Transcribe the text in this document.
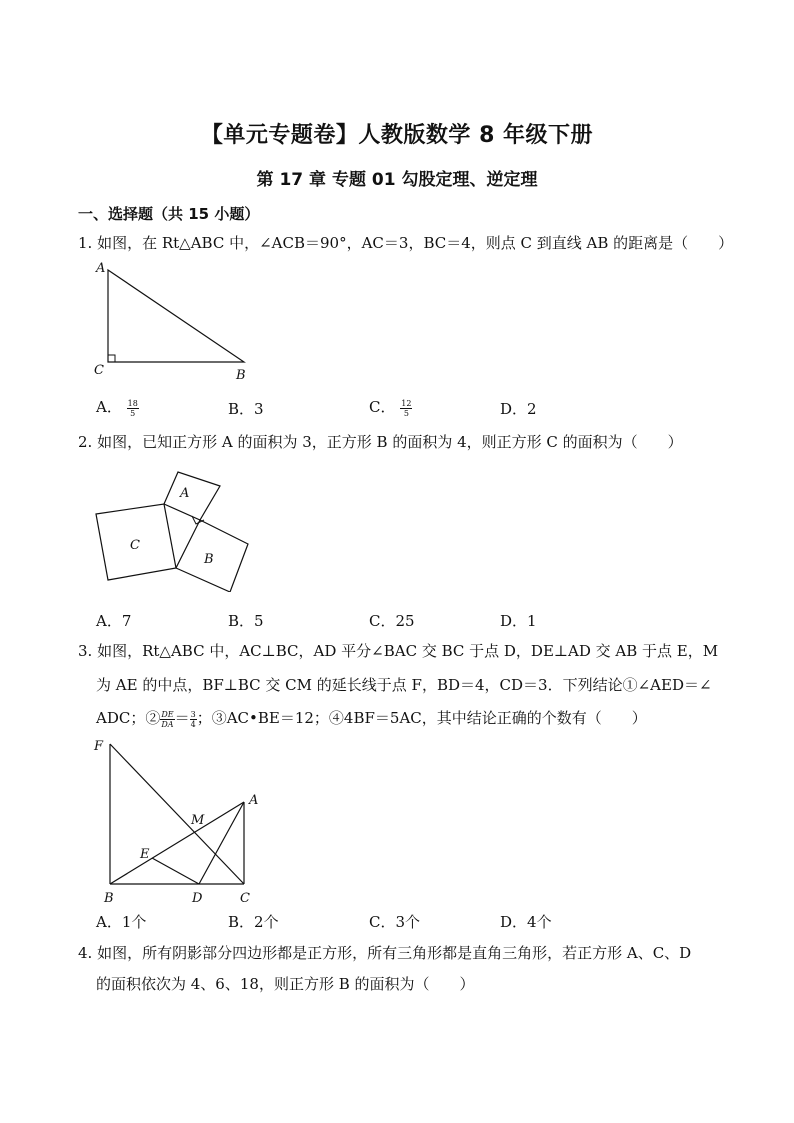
【单元专题卷】人教版数学 8 年级下册
第 17 章 专题 01 勾股定理、逆定理
一、选择题（共 15 小题）
1. 如图，在 Rt△ABC 中，∠ACB＝90°，AC＝3，BC＝4，则点 C 到直线 AB 的距离是（　　）
A
C	B
A． $\frac{18}{5}$	B．3	C． $\frac{12}{5}$	D．2
2. 如图，已知正方形 A 的面积为 3，正方形 B 的面积为 4，则正方形 C 的面积为（　　）
A
B
C
A．7	B．5	C．25	D．1
3. 如图，Rt△ABC 中，AC⊥BC，AD 平分∠BAC 交 BC 于点 D，DE⊥AD 交 AB 于点 E，M
为 AE 的中点，BF⊥BC 交 CM 的延长线于点 F，BD＝4，CD＝3．下列结论①∠AED＝∠
ADC；② $\frac{DE}{DA} = \frac{3}{4}$ ；③AC•BE＝12；④4BF＝5AC，其中结论正确的个数有（　　）
F
A
M
E
B	D	C
A．1个	B．2个	C．3个	D．4个
4. 如图，所有阴影部分四边形都是正方形，所有三角形都是直角三角形，若正方形 A、C、D
的面积依次为 4、6、18，则正方形 B 的面积为（　　）
